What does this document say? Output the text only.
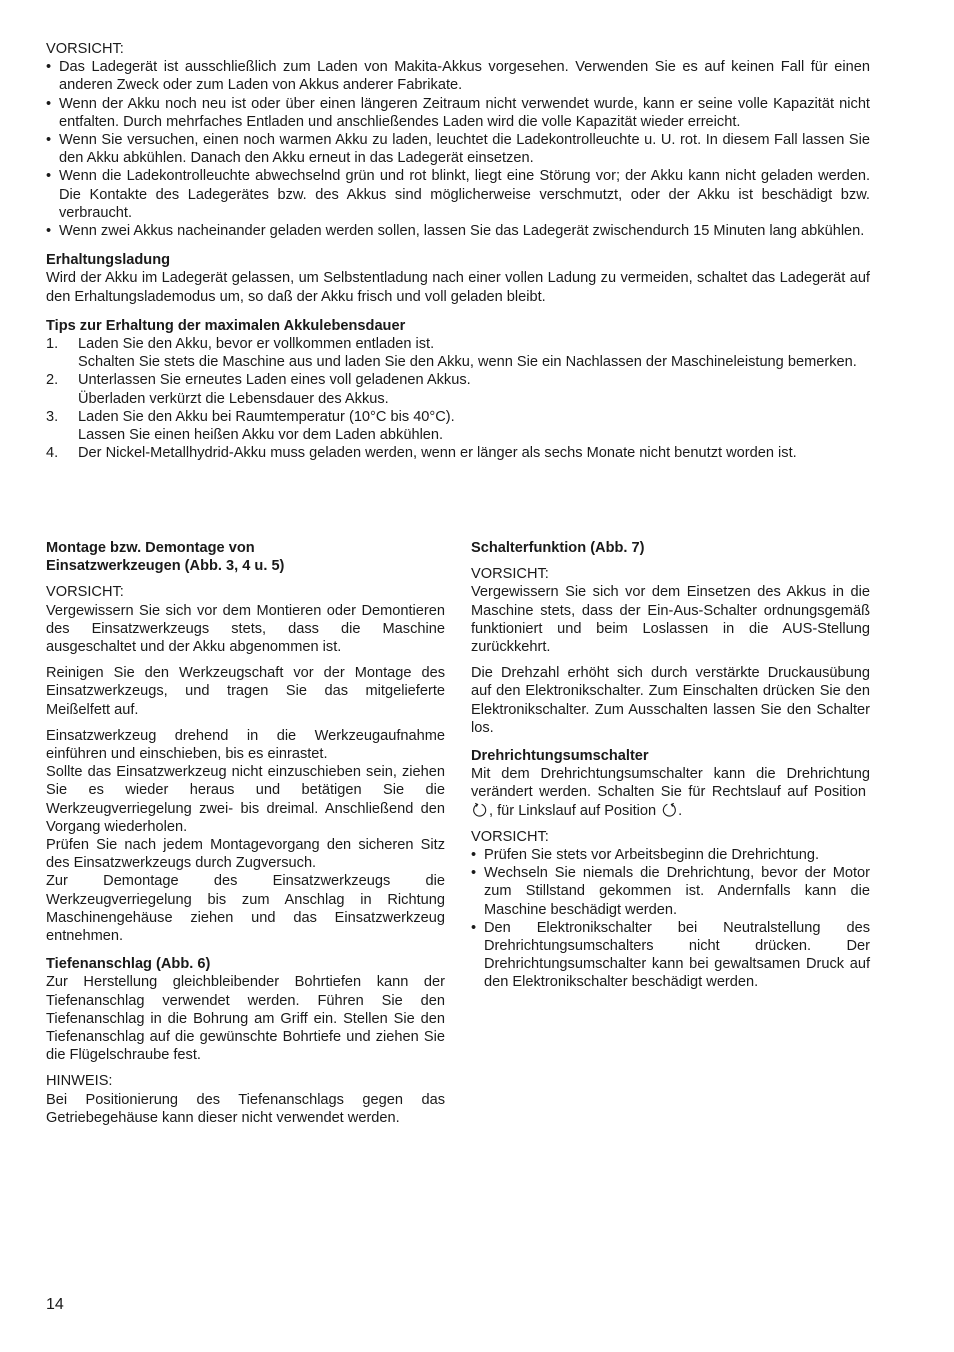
VORSICHT:

• Das Ladegerät ist ausschließlich zum Laden von Makita-Akkus vorgesehen. Verwenden Sie es auf keinen Fall für einen anderen Zweck oder zum Laden von Akkus anderer Fabrikate.
• Wenn der Akku noch neu ist oder über einen längeren Zeitraum nicht verwendet wurde, kann er seine volle Kapazität nicht entfalten. Durch mehrfaches Entladen und anschließendes Laden wird die volle Kapazität wieder erreicht.
• Wenn Sie versuchen, einen noch warmen Akku zu laden, leuchtet die Ladekontrolleuchte u. U. rot. In diesem Fall lassen Sie den Akku abkühlen. Danach den Akku erneut in das Ladegerät einsetzen.
• Wenn die Ladekontrolleuchte abwechselnd grün und rot blinkt, liegt eine Störung vor; der Akku kann nicht geladen werden. Die Kontakte des Ladegerätes bzw. des Akkus sind möglicherweise verschmutzt, oder der Akku ist beschädigt bzw. verbraucht.
• Wenn zwei Akkus nacheinander geladen werden sollen, lassen Sie das Ladegerät zwischendurch 15 Minuten lang abkühlen.

Erhaltungsladung

Wird der Akku im Ladegerät gelassen, um Selbstentladung nach einer vollen Ladung zu vermeiden, schaltet das Ladegerät auf den Erhaltungslademodus um, so daß der Akku frisch und voll geladen bleibt.

Tips zur Erhaltung der maximalen Akkulebensdauer

1. Laden Sie den Akku, bevor er vollkommen entladen ist.
Schalten Sie stets die Maschine aus und laden Sie den Akku, wenn Sie ein Nachlassen der Maschineleistung bemerken.
2. Unterlassen Sie erneutes Laden eines voll geladenen Akkus.
Überladen verkürzt die Lebensdauer des Akkus.
3. Laden Sie den Akku bei Raumtemperatur (10°C bis 40°C).
Lassen Sie einen heißen Akku vor dem Laden abkühlen.
4. Der Nickel-Metallhydrid-Akku muss geladen werden, wenn er länger als sechs Monate nicht benutzt worden ist.

Montage bzw. Demontage von
Einsatzwerkzeugen (Abb. 3, 4 u. 5)

VORSICHT:

Vergewissern Sie sich vor dem Montieren oder Demontieren des Einsatzwerkzeugs stets, dass die Maschine ausgeschaltet und der Akku abgenommen ist.

Reinigen Sie den Werkzeugschaft vor der Montage des Einsatzwerkzeugs, und tragen Sie das mitgelieferte Meißelfett auf.

Einsatzwerkzeug drehend in die Werkzeugaufnahme einführen und einschieben, bis es einrastet.

Sollte das Einsatzwerkzeug nicht einzuschieben sein, ziehen Sie es wieder heraus und betätigen Sie die Werkzeugverriegelung zwei- bis dreimal. Anschließend den Vorgang wiederholen.

Prüfen Sie nach jedem Montagevorgang den sicheren Sitz des Einsatzwerkzeugs durch Zugversuch.

Zur Demontage des Einsatzwerkzeugs die Werkzeugverriegelung bis zum Anschlag in Richtung Maschinengehäuse ziehen und das Einsatzwerkzeug entnehmen.

Tiefenanschlag (Abb. 6)

Zur Herstellung gleichbleibender Bohrtiefen kann der Tiefenanschlag verwendet werden. Führen Sie den Tiefenanschlag in die Bohrung am Griff ein. Stellen Sie den Tiefenanschlag auf die gewünschte Bohrtiefe und ziehen Sie die Flügelschraube fest.

HINWEIS:

Bei Positionierung des Tiefenanschlags gegen das Getriebegehäuse kann dieser nicht verwendet werden.

Schalterfunktion (Abb. 7)

VORSICHT:

Vergewissern Sie sich vor dem Einsetzen des Akkus in die Maschine stets, dass der Ein-Aus-Schalter ordnungsgemäß funktioniert und beim Loslassen in die AUS-Stellung zurückkehrt.

Die Drehzahl erhöht sich durch verstärkte Druckausübung auf den Elektronikschalter. Zum Einschalten drücken Sie den Elektronikschalter. Zum Ausschalten lassen Sie den Schalter los.

Drehrichtungsumschalter

Mit dem Drehrichtungsumschalter kann die Drehrichtung verändert werden. Schalten Sie für Rechtslauf auf Position
, für Linkslauf auf Position .

VORSICHT:

• Prüfen Sie stets vor Arbeitsbeginn die Drehrichtung.
• Wechseln Sie niemals die Drehrichtung, bevor der Motor zum Stillstand gekommen ist. Andernfalls kann die Maschine beschädigt werden.
• Den Elektronikschalter bei Neutralstellung des Drehrichtungsumschalters nicht drücken. Der Drehrichtungsumschalter kann bei gewaltsamen Druck auf den Elektronikschalter beschädigt werden.
14
